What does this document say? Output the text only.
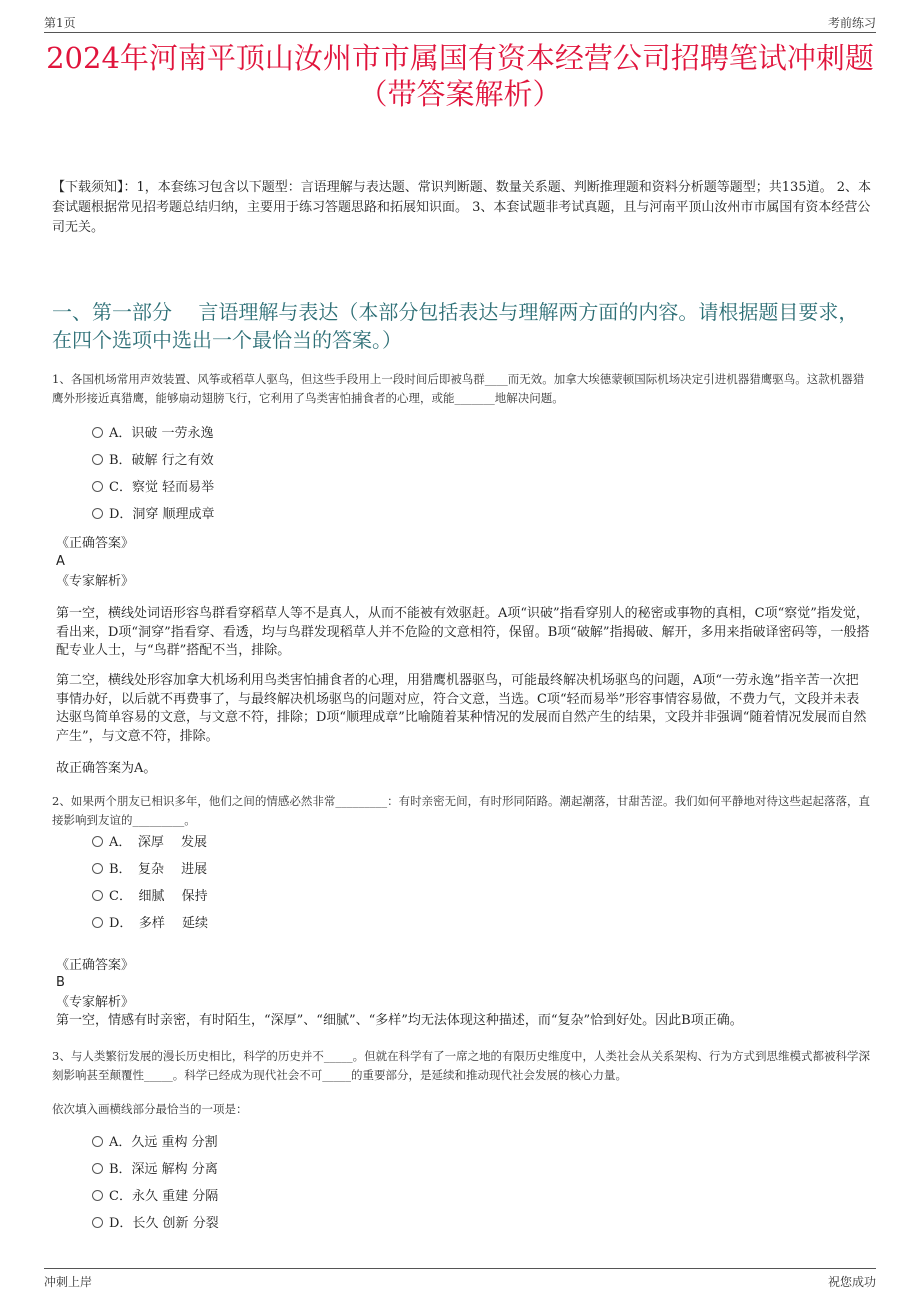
第1页	考前练习
2024年河南平顶山汝州市市属国有资本经营公司招聘笔试冲刺题（带答案解析）
【下载须知】：1，本套练习包含以下题型：言语理解与表达题、常识判断题、数量关系题、判断推理题和资料分析题等题型；共135道。 2、本套试题根据常见招考题总结归纳，主要用于练习答题思路和拓展知识面。 3、本套试题非考试真题，且与河南平顶山汝州市市属国有资本经营公司无关。
一、第一部分　 言语理解与表达（本部分包括表达与理解两方面的内容。请根据题目要求，在四个选项中选出一个最恰当的答案。）
1、各国机场常用声效装置、风筝或稻草人驱鸟，但这些手段用上一段时间后即被鸟群____而无效。加拿大埃德蒙顿国际机场决定引进机器猎鹰驱鸟。这款机器猎鹰外形接近真猎鹰，能够扇动翅膀飞行，它利用了鸟类害怕捕食者的心理，或能_______地解决问题。
A．识破 一劳永逸
B．破解 行之有效
C．察觉 轻而易举
D．洞穿 顺理成章
《正确答案》
A
《专家解析》
第一空，横线处词语形容鸟群看穿稻草人等不是真人，从而不能被有效驱赶。A项“识破”指看穿别人的秘密或事物的真相，C项“察觉”指发觉，看出来，D项“洞穿”指看穿、看透，均与鸟群发现稻草人并不危险的文意相符，保留。B项“破解”指揭破、解开，多用来指破译密码等，一般搭配专业人士，与“鸟群”搭配不当，排除。
第二空，横线处形容加拿大机场利用鸟类害怕捕食者的心理，用猎鹰机器驱鸟，可能最终解决机场驱鸟的问题，A项“一劳永逸”指辛苦一次把事情办好，以后就不再费事了，与最终解决机场驱鸟的问题对应，符合文意，当选。C项“轻而易举”形容事情容易做，不费力气，文段并未表达驱鸟简单容易的文意，与文意不符，排除；D项“顺理成章”比喻随着某种情况的发展而自然产生的结果，文段并非强调“随着情况发展而自然产生”，与文意不符，排除。
故正确答案为A。
2、如果两个朋友已相识多年，他们之间的情感必然非常_________：有时亲密无间，有时形同陌路。潮起潮落，甘甜苦涩。我们如何平静地对待这些起起落落，直接影响到友谊的_________。
A．　深厚　 发展
B．　复杂　 进展
C．　细腻　 保持
D．　多样　 延续
《正确答案》
B
《专家解析》
第一空，情感有时亲密，有时陌生，“深厚”、“细腻”、“多样”均无法体现这种描述，而“复杂”恰到好处。因此B项正确。
3、与人类繁衍发展的漫长历史相比，科学的历史并不_____。但就在科学有了一席之地的有限历史维度中，人类社会从关系架构、行为方式到思维模式都被科学深刻影响甚至颠覆性_____。科学已经成为现代社会不可_____的重要部分，是延续和推动现代社会发展的核心力量。
依次填入画横线部分最恰当的一项是：
A．久远 重构 分割
B．深远 解构 分离
C．永久 重建 分隔
D．长久 创新 分裂
冲刺上岸	祝您成功
